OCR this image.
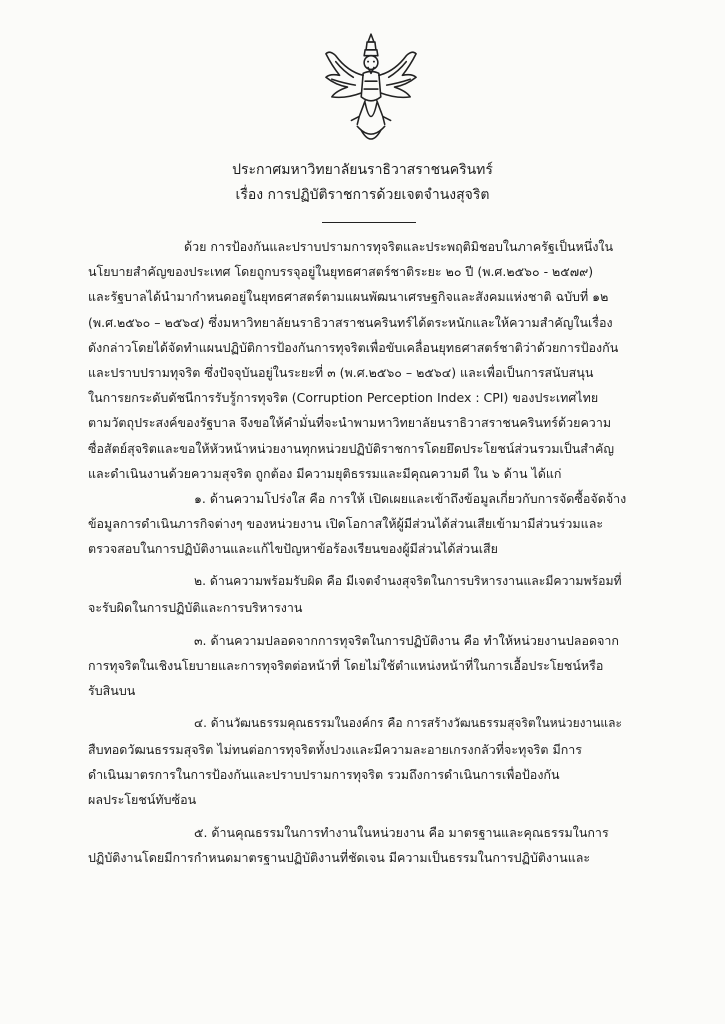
ประกาศมหาวิทยาลัยนราธิวาสราชนครินทร์
เรื่อง การปฏิบัติราชการด้วยเจตจำนงสุจริต
ด้วย การป้องกันและปราบปรามการทุจริตและประพฤติมิชอบในภาครัฐเป็นหนึ่งใน
นโยบายสำคัญของประเทศ โดยถูกบรรจุอยู่ในยุทธศาสตร์ชาติระยะ ๒๐ ปี (พ.ศ.๒๕๖๐ - ๒๕๗๙)
และรัฐบาลได้นำมากำหนดอยู่ในยุทธศาสตร์ตามแผนพัฒนาเศรษฐกิจและสังคมแห่งชาติ ฉบับที่ ๑๒
(พ.ศ.๒๕๖๐ – ๒๕๖๔) ซึ่งมหาวิทยาลัยนราธิวาสราชนครินทร์ได้ตระหนักและให้ความสำคัญในเรื่อง
ดังกล่าวโดยได้จัดทำแผนปฏิบัติการป้องกันการทุจริตเพื่อขับเคลื่อนยุทธศาสตร์ชาติว่าด้วยการป้องกัน
และปราบปรามทุจริต ซึ่งปัจจุบันอยู่ในระยะที่ ๓ (พ.ศ.๒๕๖๐ – ๒๕๖๔) และเพื่อเป็นการสนับสนุน
ในการยกระดับดัชนีการรับรู้การทุจริต (Corruption Perception Index : CPI) ของประเทศไทย
ตามวัตถุประสงค์ของรัฐบาล จึงขอให้คำมั่นที่จะนำพามหาวิทยาลัยนราธิวาสราชนครินทร์ด้วยความ
ซื่อสัตย์สุจริตและขอให้หัวหน้าหน่วยงานทุกหน่วยปฏิบัติราชการโดยยึดประโยชน์ส่วนรวมเป็นสำคัญ
และดำเนินงานด้วยความสุจริต ถูกต้อง มีความยุติธรรมและมีคุณความดี ใน ๖ ด้าน ได้แก่
๑. ด้านความโปร่งใส คือ การให้ เปิดเผยและเข้าถึงข้อมูลเกี่ยวกับการจัดซื้อจัดจ้าง
ข้อมูลการดำเนินภารกิจต่างๆ ของหน่วยงาน เปิดโอกาสให้ผู้มีส่วนได้ส่วนเสียเข้ามามีส่วนร่วมและ
ตรวจสอบในการปฏิบัติงานและแก้ไขปัญหาข้อร้องเรียนของผู้มีส่วนได้ส่วนเสีย
๒. ด้านความพร้อมรับผิด คือ มีเจตจำนงสุจริตในการบริหารงานและมีความพร้อมที่
จะรับผิดในการปฏิบัติและการบริหารงาน
๓. ด้านความปลอดจากการทุจริตในการปฏิบัติงาน คือ ทำให้หน่วยงานปลอดจาก
การทุจริตในเชิงนโยบายและการทุจริตต่อหน้าที่ โดยไม่ใช้ตำแหน่งหน้าที่ในการเอื้อประโยชน์หรือ
รับสินบน
๔. ด้านวัฒนธรรมคุณธรรมในองค์กร คือ การสร้างวัฒนธรรมสุจริตในหน่วยงานและ
สืบทอดวัฒนธรรมสุจริต ไม่ทนต่อการทุจริตทั้งปวงและมีความละอายเกรงกลัวที่จะทุจริต มีการ
ดำเนินมาตรการในการป้องกันและปราบปรามการทุจริต รวมถึงการดำเนินการเพื่อป้องกัน
ผลประโยชน์ทับซ้อน
๕. ด้านคุณธรรมในการทำงานในหน่วยงาน คือ มาตรฐานและคุณธรรมในการ
ปฏิบัติงานโดยมีการกำหนดมาตรฐานปฏิบัติงานที่ชัดเจน มีความเป็นธรรมในการปฏิบัติงานและ
